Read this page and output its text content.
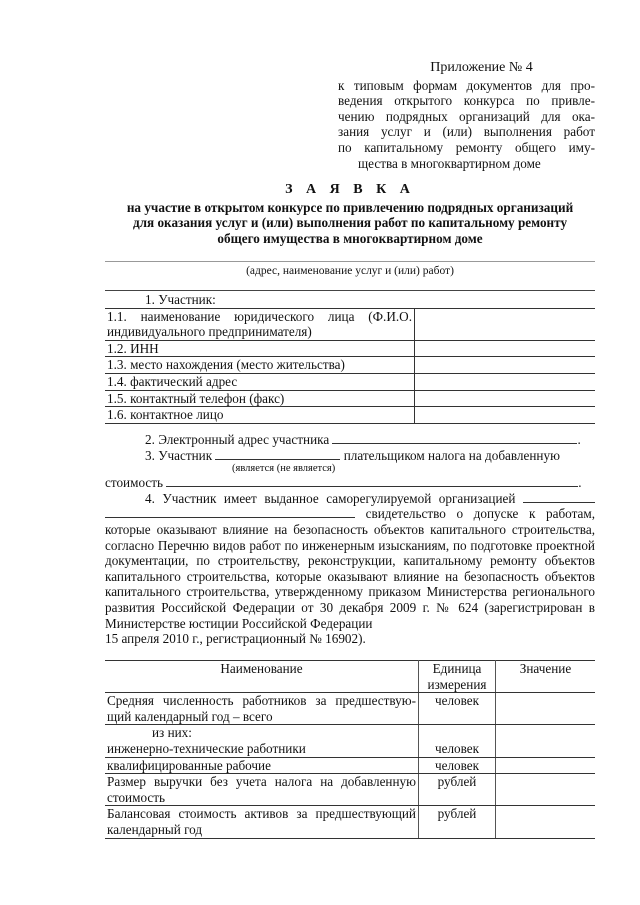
Приложение № 4
к типовым формам документов для про-
ведения открытого конкурса по привле-
чению подрядных организаций для ока-
зания услуг и (или) выполнения работ
по капитальному ремонту общего иму-
щества в многоквартирном доме
З А Я В К А
на участие в открытом конкурсе по привлечению подрядных организаций
для оказания услуг и (или) выполнения работ по капитальному ремонту
общего имущества в многоквартирном доме
(адрес, наименование услуг и (или) работ)
1. Участник:	
1.1. наименование юридического лица (Ф.И.О. индивидуального предпринимателя)	
1.2. ИНН	
1.3. место нахождения (место жительства)	
1.4. фактический адрес	
1.5. контактный телефон (факс)	
1.6. контактное лицо	
2. Электронный адрес участника	.
3. Участник	плательщиком налога на добавленную
(является (не является)
стоимость	.
4. Участник имеет выданное саморегулируемой организацией
свидетельство о допуске к работам,
которые оказывают влияние на безопасность объектов капитального строительства, согласно Перечню видов работ по инженерным изысканиям, по подготовке проектной документации, по строительству, реконструкции, капитальному ремонту объектов капитального строительства, которые оказывают влияние на безопасность объектов капитального строительства, утвержденному приказом Министерства регионального развития Российской Федерации от 30 декабря 2009 г. № 624 (зарегистрирован в Министерстве юстиции Российской Федерации
15 апреля 2010 г., регистрационный № 16902).
Наименование	Единица измерения	Значение
Средняя численность работников за предшествую-щий календарный год – всего	человек	

из них:
инженерно-технические работники	человек	
квалифицированные рабочие	человек	
Размер выручки без учета налога на добавленную стоимость	рублей	
Балансовая стоимость активов за предшествующий календарный год	рублей	
